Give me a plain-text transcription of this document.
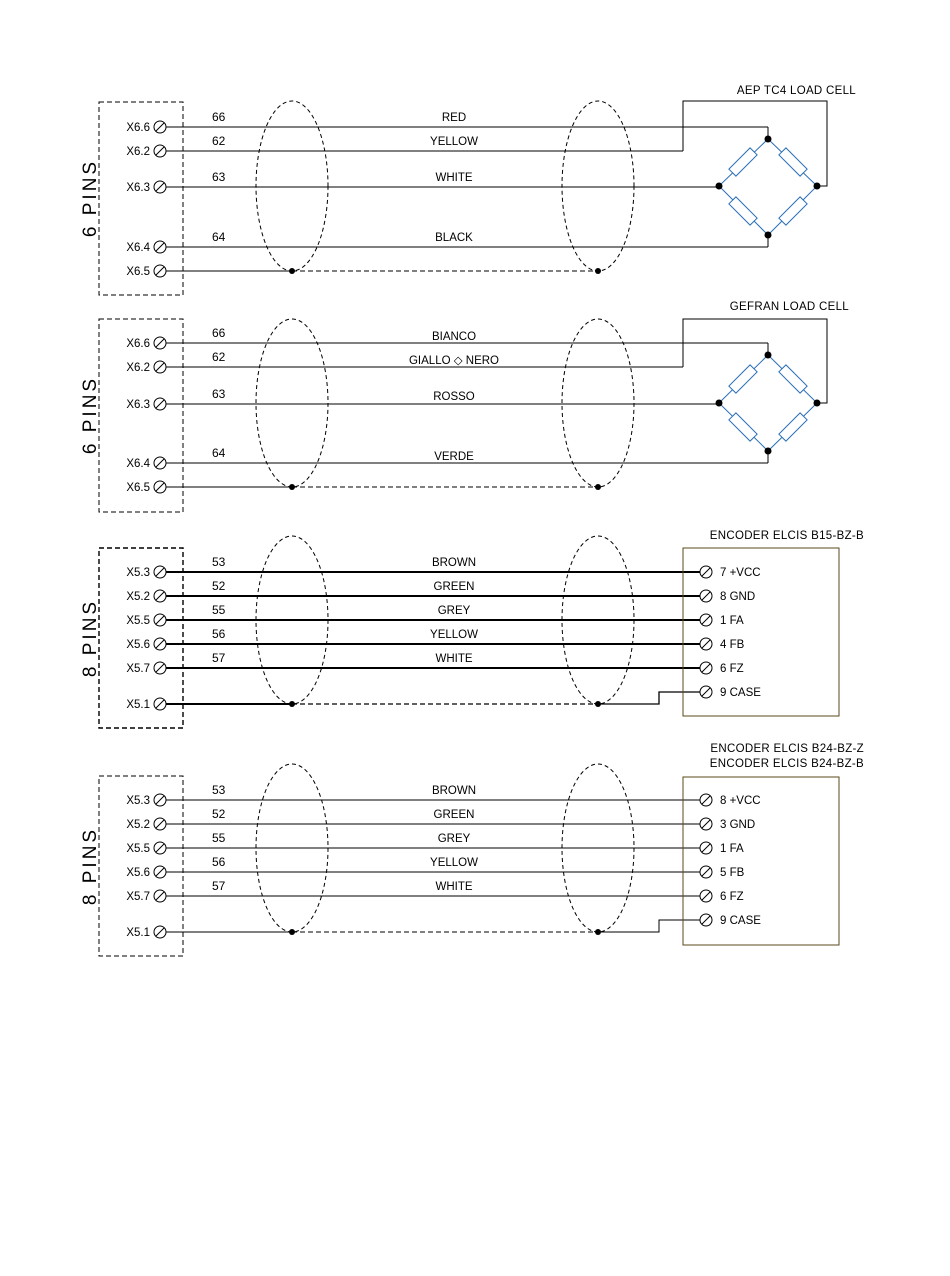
6 PINS
X6.6
X6.2
X6.3
X6.4
X6.5
66
62
63
64
RED
YELLOW
WHITE
BLACK
AEP TC4 LOAD CELL
6 PINS
X6.6
X6.2
X6.3
X6.4
X6.5
66
62
63
64
BIANCO
GIALLO ◇ NERO
ROSSO
VERDE
GEFRAN LOAD CELL
8 PINS
X5.3
X5.2
X5.5
X5.6
X5.7
X5.1
53
52
55
56
57
BROWN
GREEN
GREY
YELLOW
WHITE
ENCODER ELCIS B15-BZ-B
7 +VCC
8 GND
1 FA
4 FB
6 FZ
9 CASE
8 PINS
X5.3
X5.2
X5.5
X5.6
X5.7
X5.1
53
52
55
56
57
BROWN
GREEN
GREY
YELLOW
WHITE
ENCODER ELCIS B24-BZ-Z
ENCODER ELCIS B24-BZ-B
8 +VCC
3 GND
1 FA
5 FB
6 FZ
9 CASE
